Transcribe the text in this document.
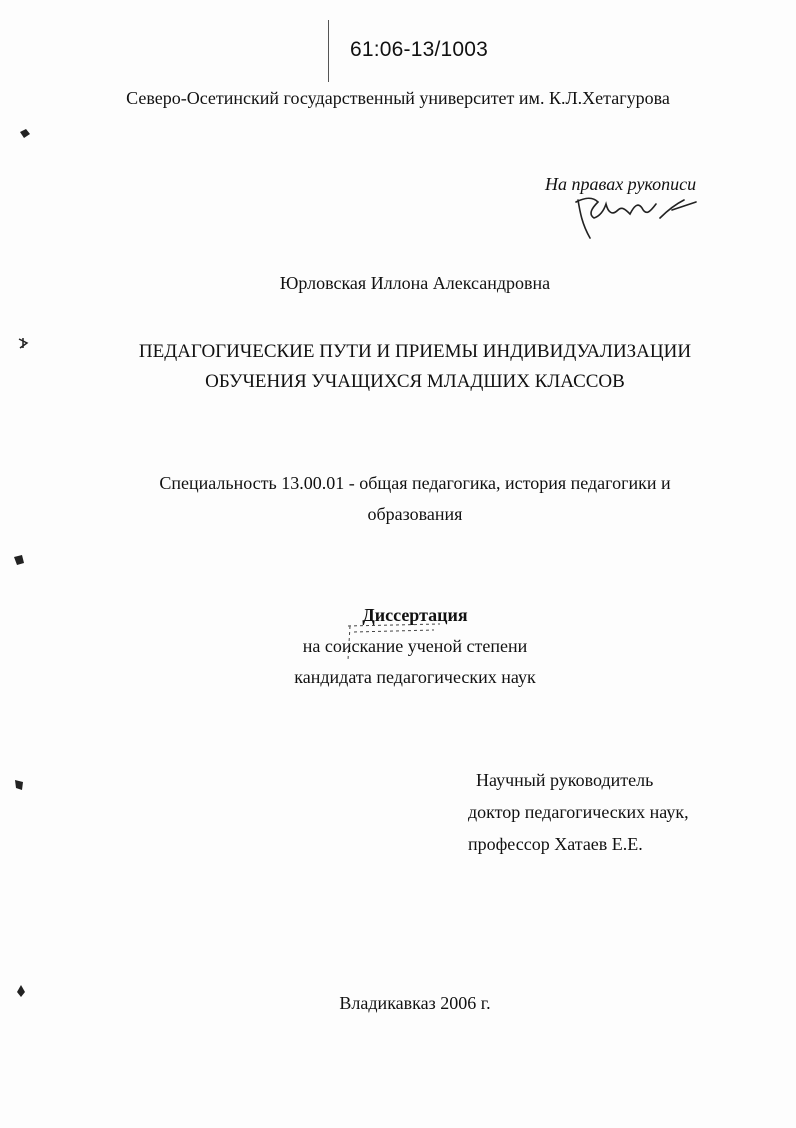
61:06-13/1003
Северо-Осетинский государственный университет им. К.Л.Хетагурова
На правах рукописи
Юрловская Иллона Александровна
ПЕДАГОГИЧЕСКИЕ ПУТИ И ПРИЕМЫ ИНДИВИДУАЛИЗАЦИИ
ОБУЧЕНИЯ УЧАЩИХСЯ МЛАДШИХ КЛАССОВ
Специальность 13.00.01 - общая педагогика, история педагогики и
образования
Диссертация
на соискание ученой степени
кандидата педагогических наук
Научный руководитель
доктор педагогических наук,
профессор Хатаев Е.Е.
Владикавказ 2006 г.
